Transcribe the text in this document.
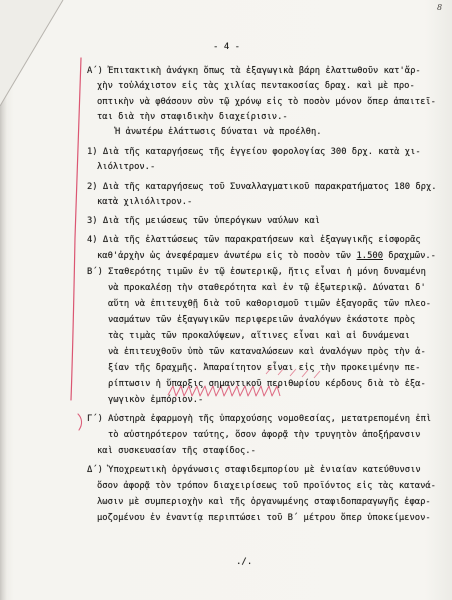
8
- 4 -
Α΄) Ἐπιτακτικὴ ἀνάγκη ὅπως τὰ ἐξαγωγικὰ βάρη ἐλαττωθοῦν κατ'ἄρ-
χὴν τοὐλάχιστον εἰς τὰς χιλίας πεντακοσίας δραχ. καὶ μὲ προ-
οπτικὴν νὰ φθάσουν σὺν τῷ χρόνῳ εἰς τὸ ποσὸν μόνον ὅπερ ἀπαιτεῖ-
ται διὰ τὴν σταφιδικὴν διαχείρισιν.-
Ἡ ἀνωτέρω ἐλάττωσις δύναται νὰ προέλθη.
1) Διὰ τῆς καταργήσεως τῆς ἐγγείου φορολογίας 300 δρχ. κατὰ χι-
λιόλιτρον.-
2) Διὰ τῆς καταργήσεως τοῦ Συναλλαγματικοῦ παρακρατήματος 180 δρχ.
κατὰ χιλιόλιτρον.-
3) Διὰ τῆς μειώσεως τῶν ὑπερόγκων ναύλων καὶ
4) Διὰ τῆς ἐλαττώσεως τῶν παρακρατήσεων καὶ ἐξαγωγικῆς εἰσφορᾶς
καθ'ἀρχὴν ὡς ἀνεφέραμεν ἀνωτέρω εἰς τὸ ποσὸν τῶν 1.500 δραχμῶν.-
Β΄) Σταθερότης τιμῶν ἐν τῷ ἐσωτερικῷ, ἥτις εἶναι ἡ μόνη δυναμένη
νὰ προκαλέσῃ τὴν σταθερότητα καὶ ἐν τῷ ἐξωτερικῷ. Δύναται δ'
αὕτη νὰ ἐπιτευχθῇ διὰ τοῦ καθορισμοῦ τιμῶν ἐξαγορᾶς τῶν πλεο-
νασμάτων τῶν ἐξαγωγικῶν περιφερειῶν ἀναλόγων ἑκάστοτε πρὸς
τὰς τιμὰς τῶν προκαλύψεων, αἵτινες εἶναι καὶ αἱ δυνάμεναι
νὰ ἐπιτευχθοῦν ὑπὸ τῶν καταναλώσεων καὶ ἀναλόγων πρὸς τὴν ἀ-
ξίαν τῆς δραχμῆς. Ἀπαραίτητον εἶναι εἰς τὴν προκειμένην πε-
ρίπτωσιν ἡ ὕπαρξις σημαντικοῦ περιθωρίου κέρδους διὰ τὸ ἐξα-
γωγικὸν ἐμπόριον.-
Γ΄) Αὐστηρὰ ἐφαρμογὴ τῆς ὑπαρχούσης νομοθεσίας, μετατρεπομένη ἐπὶ
τὸ αὐστηρότερον ταύτης, ὅσον ἀφορᾷ τὴν τρυγητὸν ἀποξήρανσιν
καὶ συσκευασίαν τῆς σταφίδος.-
Δ΄) Ὑποχρεωτικὴ ὀργάνωσις σταφιδεμπορίου μὲ ἑνιαίαν κατεύθυνσιν
ὅσον ἀφορᾷ τὸν τρόπον διαχειρίσεως τοῦ προϊόντος εἰς τὰς κατανά-
λωσιν μὲ συμπεριοχὴν καὶ τῆς ὀργανωμένης σταφιδοπαραγωγῆς ἐφαρ-
μοζομένου ἐν ἐναντίᾳ περιπτώσει τοῦ Β΄ μέτρου ὅπερ ὑποκείμενον-
./.
